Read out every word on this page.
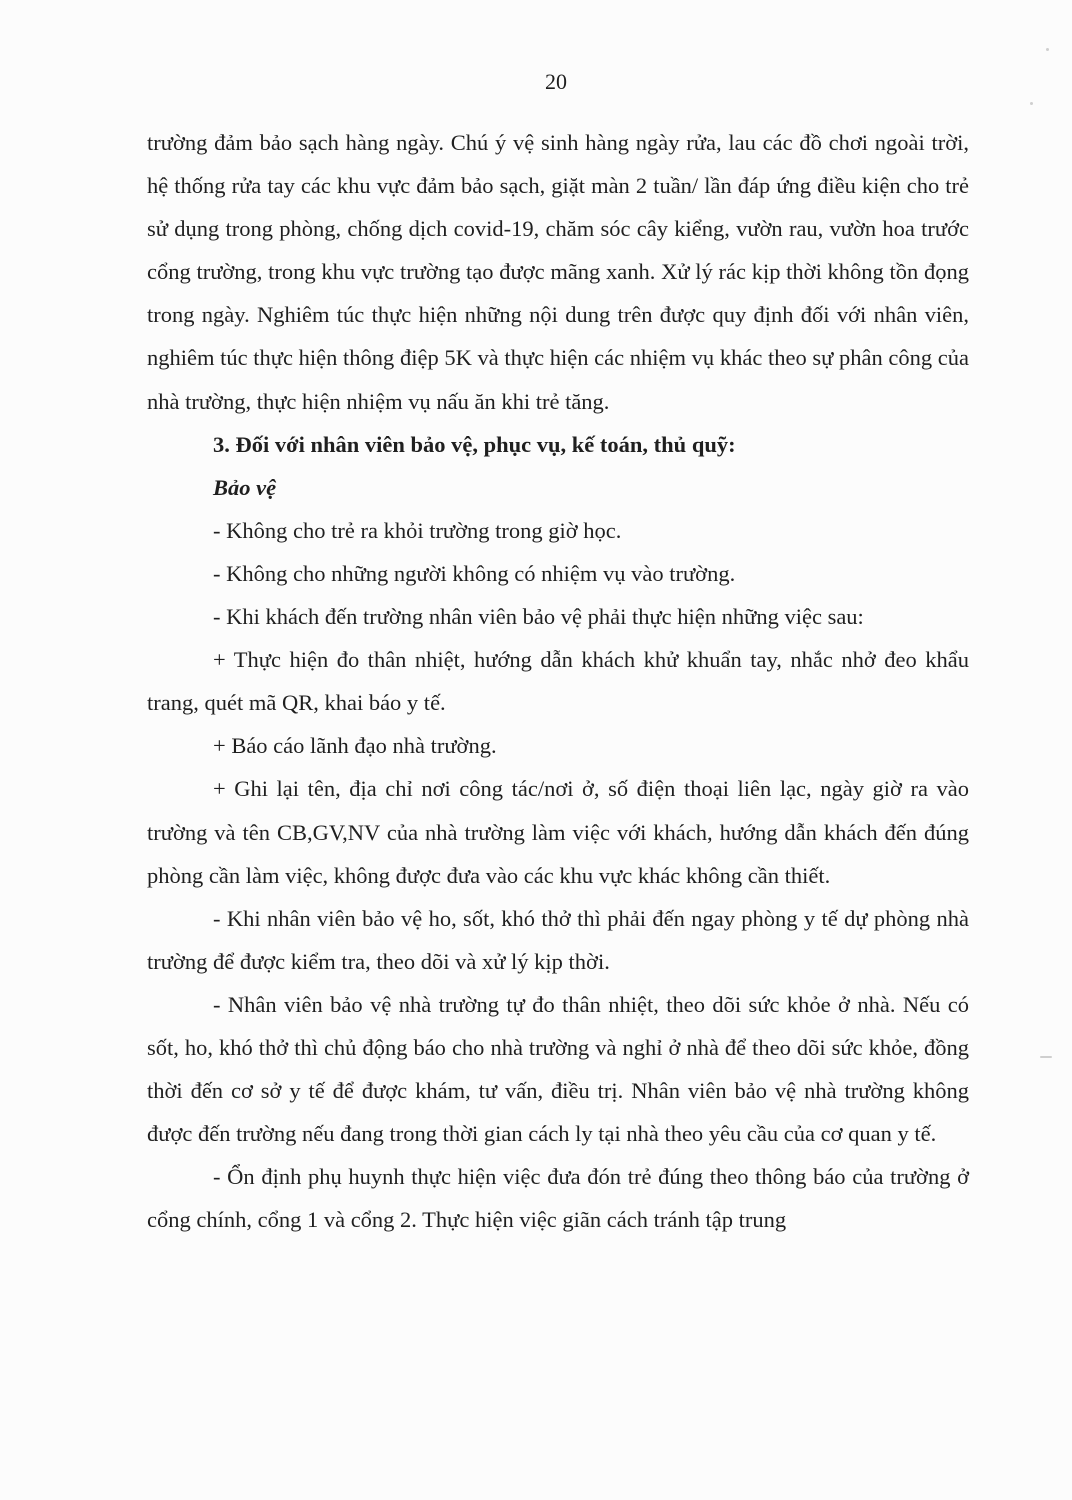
20

trường đảm bảo sạch hàng ngày. Chú ý vệ sinh hàng ngày rửa, lau các đồ chơi ngoài trời, hệ thống rửa tay các khu vực đảm bảo sạch, giặt màn 2 tuần/ lần đáp ứng điều kiện cho trẻ sử dụng trong phòng, chống dịch covid-19, chăm sóc cây kiểng, vườn rau, vườn hoa trước cổng trường, trong khu vực trường tạo được mãng xanh. Xử lý rác kịp thời không tồn đọng trong ngày. Nghiêm túc thực hiện những nội dung trên được quy định đối với nhân viên, nghiêm túc thực hiện thông điệp 5K và thực hiện các nhiệm vụ khác theo sự phân công của nhà trường, thực hiện nhiệm vụ nấu ăn khi trẻ tăng.

3. Đối với nhân viên bảo vệ, phục vụ, kế toán, thủ quỹ:

Bảo vệ

- Không cho trẻ ra khỏi trường trong giờ học.

- Không cho những người không có nhiệm vụ vào trường.

- Khi khách đến trường nhân viên bảo vệ phải thực hiện những việc sau:

+ Thực hiện đo thân nhiệt, hướng dẫn khách khử khuẩn tay, nhắc nhở đeo khẩu trang, quét mã QR, khai báo y tế.

+ Báo cáo lãnh đạo nhà trường.

+ Ghi lại tên, địa chỉ nơi công tác/nơi ở, số điện thoại liên lạc, ngày giờ ra vào trường và tên CB,GV,NV của nhà trường làm việc với khách, hướng dẫn khách đến đúng phòng cần làm việc, không được đưa vào các khu vực khác không cần thiết.

- Khi nhân viên bảo vệ ho, sốt, khó thở thì phải đến ngay phòng y tế dự phòng nhà trường để được kiểm tra, theo dõi và xử lý kịp thời.

- Nhân viên bảo vệ nhà trường tự đo thân nhiệt, theo dõi sức khỏe ở nhà. Nếu có sốt, ho, khó thở thì chủ động báo cho nhà trường và nghỉ ở nhà để theo dõi sức khỏe, đồng thời đến cơ sở y tế để được khám, tư vấn, điều trị. Nhân viên bảo vệ nhà trường không được đến trường nếu đang trong thời gian cách ly tại nhà theo yêu cầu của cơ quan y tế.

- Ổn định phụ huynh thực hiện việc đưa đón trẻ đúng theo thông báo của trường ở cổng chính, cổng 1 và cổng 2. Thực hiện việc giãn cách tránh tập trung
